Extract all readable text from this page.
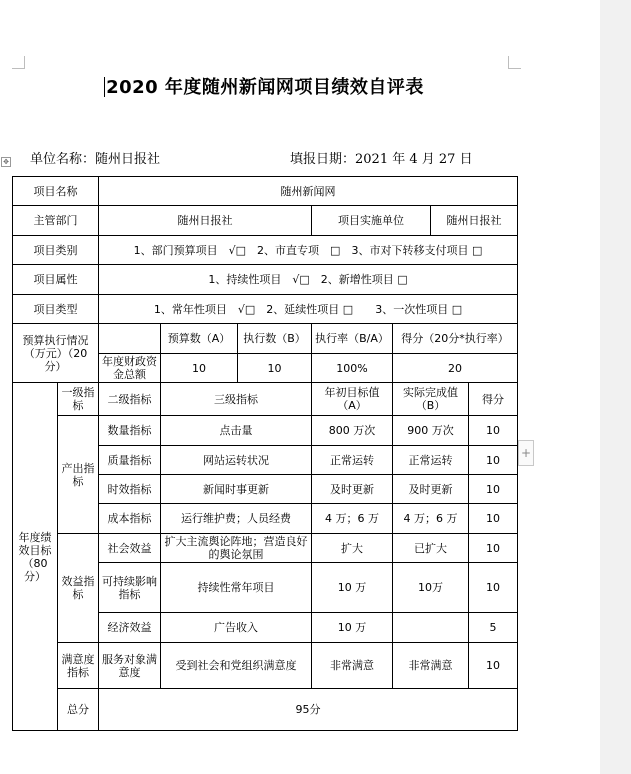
2020 年度随州新闻网项目绩效自评表
单位名称：随州日报社	填报日期：2021 年 4 月 27 日
✥
+
项目名称		随州新闻网						
主管部门		随州日报社			项目实施单位		随州日报社	
项目类别		1、部门预算项目　√□　2、市直专项　□　3、市对下转移支付项目 □						
项目属性		1、持续性项目　√□　2、新增性项目 □						
项目类型		1、常年性项目　√□　2、延续性项目 □　　3、一次性项目 □						
预算执行情况（万元）（20 分）			预算数（A）	执行数（B）	执行率（B/A）	得分（20分*执行率）		
		年度财政资金总额	10	10	100%	20		
年度绩效目标（80 分）	一级指标	二级指标	三级指标		年初目标值（A）	实际完成值（B）		得分
	产出指标	数量指标	点击量		800 万次	900 万次		10
		质量指标	网站运转状况		正常运转	正常运转		10
		时效指标	新闻时事更新		及时更新	及时更新		10
		成本指标	运行维护费；人员经费		4 万；6 万	4 万；6 万		10
	效益指标	社会效益	扩大主流舆论阵地；营造良好的舆论氛围		扩大	已扩大		10
		可持续影响指标	持续性常年项目		10 万	10万		10
		经济效益	广告收入		10 万			5
	满意度指标	服务对象满意度	受到社会和党组织满意度		非常满意	非常满意		10
	总分	95分						
